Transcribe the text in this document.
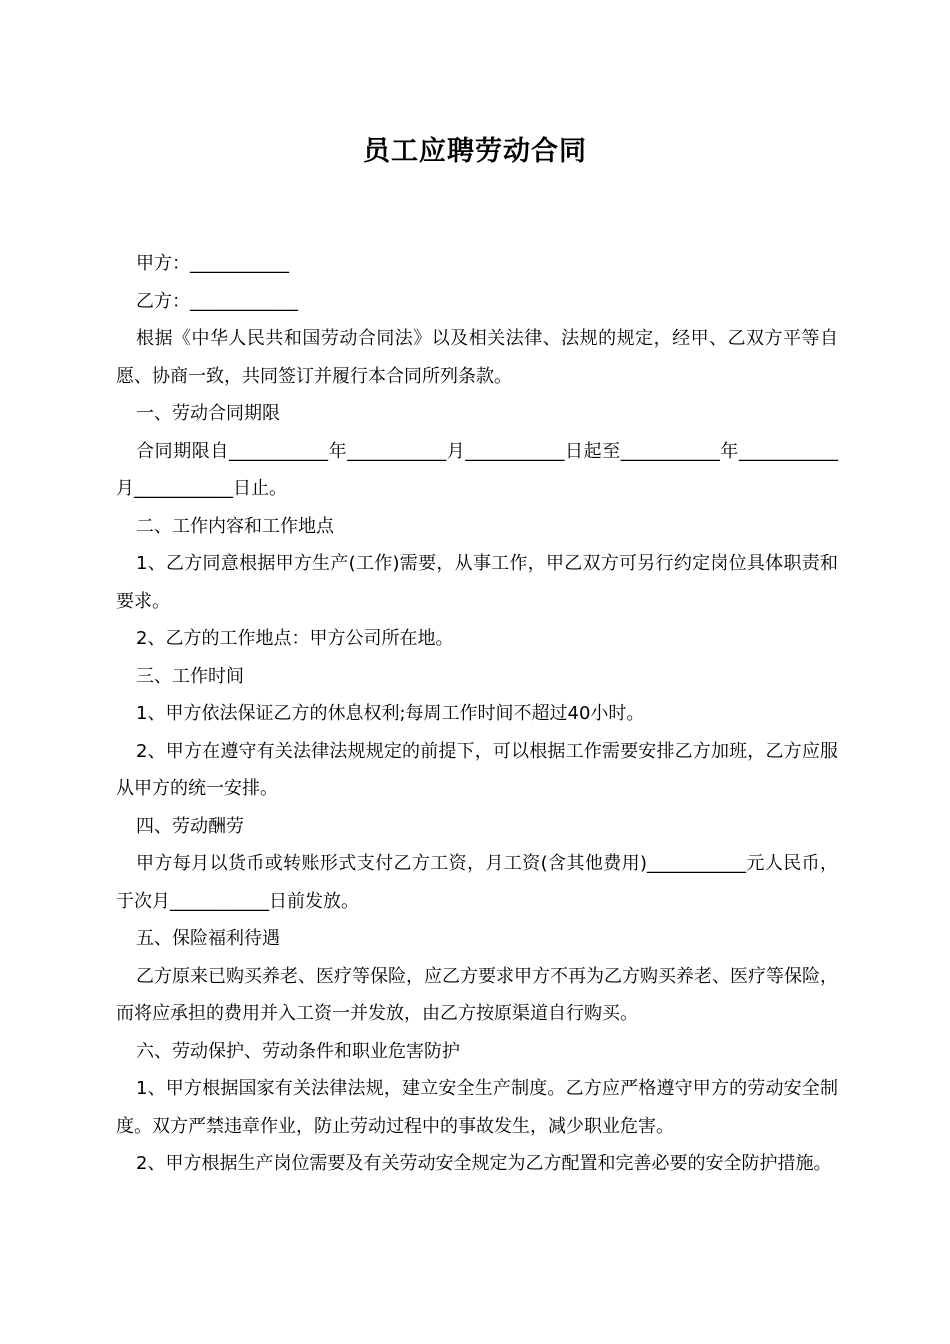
员工应聘劳动合同

甲方：___________

乙方：____________

根据《中华人民共和国劳动合同法》以及相关法律、法规的规定，经甲、乙双方平等自愿、协商一致，共同签订并履行本合同所列条款。

一、劳动合同期限

合同期限自___________年___________月___________日起至___________年___________月___________日止。

二、工作内容和工作地点

1、乙方同意根据甲方生产(工作)需要，从事工作，甲乙双方可另行约定岗位具体职责和要求。

2、乙方的工作地点：甲方公司所在地。

三、工作时间

1、甲方依法保证乙方的休息权利;每周工作时间不超过40小时。

2、甲方在遵守有关法律法规规定的前提下，可以根据工作需要安排乙方加班，乙方应服从甲方的统一安排。

四、劳动酬劳

甲方每月以货币或转账形式支付乙方工资，月工资(含其他费用)___________元人民币，于次月___________日前发放。

五、保险福利待遇

乙方原来已购买养老、医疗等保险，应乙方要求甲方不再为乙方购买养老、医疗等保险，而将应承担的费用并入工资一并发放，由乙方按原渠道自行购买。

六、劳动保护、劳动条件和职业危害防护

1、甲方根据国家有关法律法规，建立安全生产制度。乙方应严格遵守甲方的劳动安全制度。双方严禁违章作业，防止劳动过程中的事故发生，减少职业危害。

2、甲方根据生产岗位需要及有关劳动安全规定为乙方配置和完善必要的安全防护措施。
